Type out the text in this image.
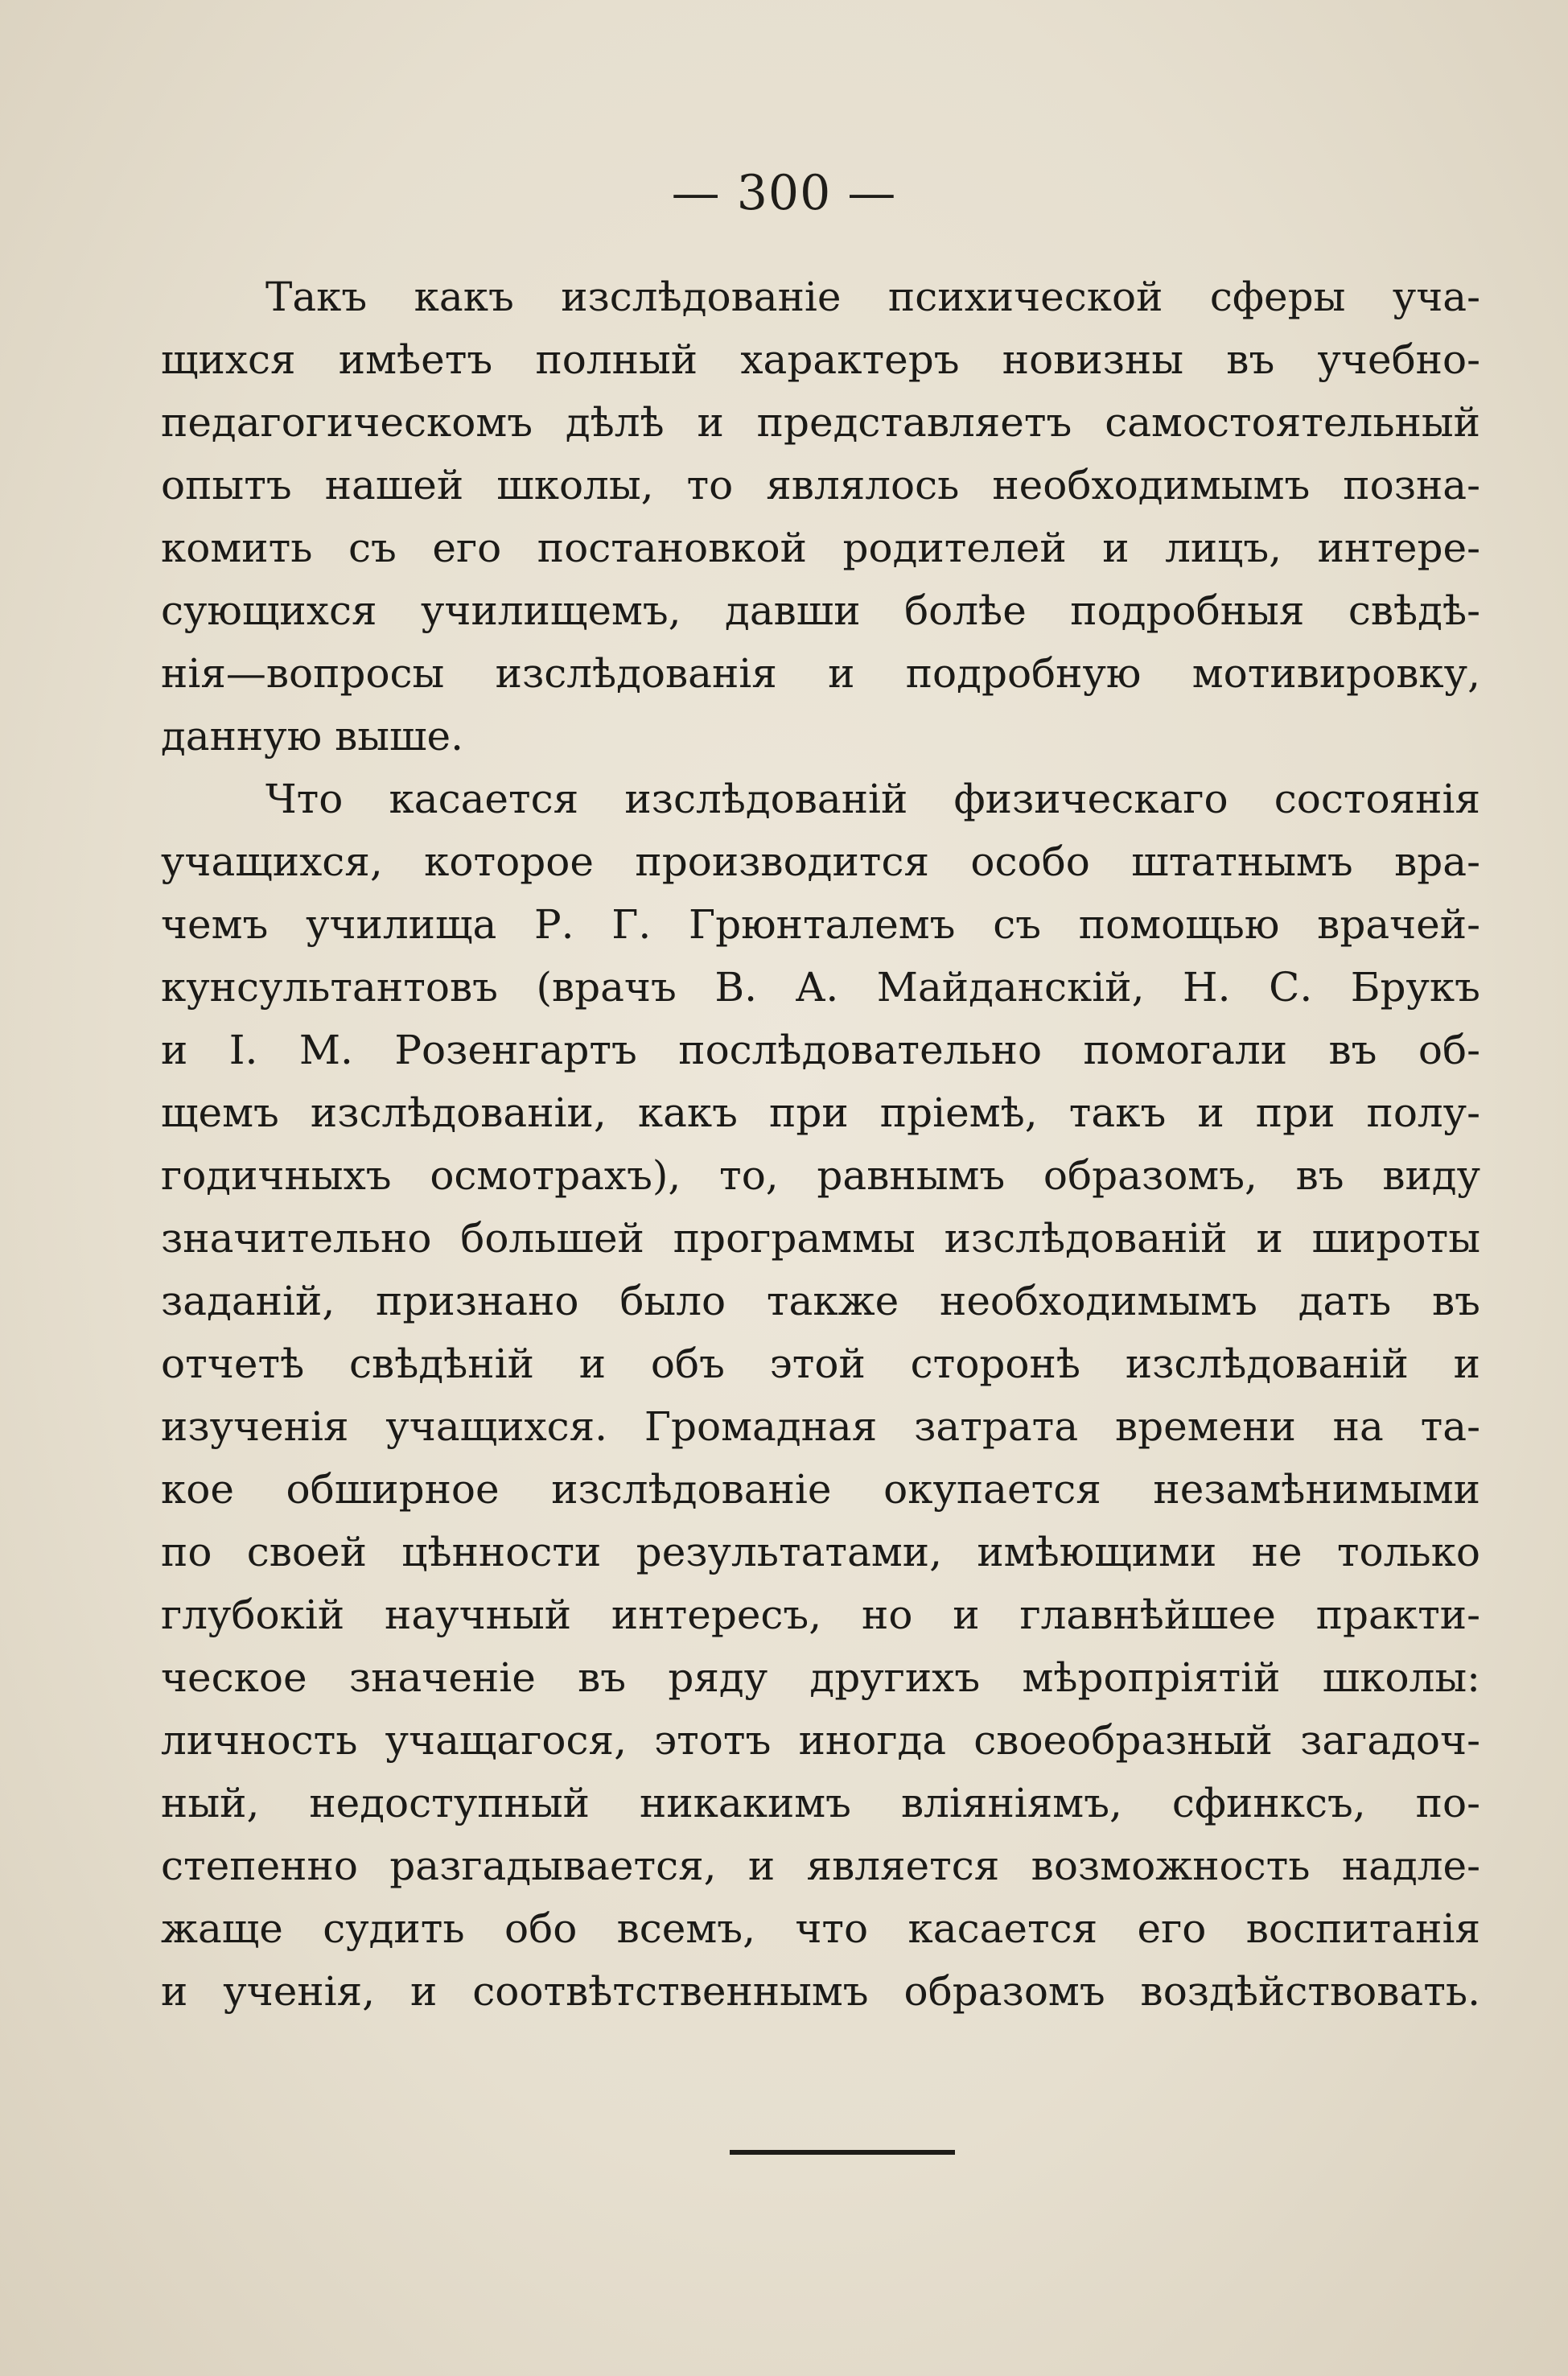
— 300 —
Такъ какъ изслѣдованіе психической сферы уча-
щихся имѣетъ полный характеръ новизны въ учебно-
педагогическомъ дѣлѣ и представляетъ самостоятельный
опытъ нашей школы, то являлось необходимымъ позна-
комить съ его постановкой родителей и лицъ, интере-
сующихся училищемъ, давши болѣе подробныя свѣдѣ-
нія—вопросы изслѣдованія и подробную мотивировку,
данную выше.
Что касается изслѣдованій физическаго состоянія
учащихся, которое производится особо штатнымъ вра-
чемъ училища Р. Г. Грюнталемъ съ помощью врачей-
кунсультантовъ (врачъ В. А. Майданскій, Н. С. Брукъ
и І. М. Розенгартъ послѣдовательно помогали въ об-
щемъ изслѣдованіи, какъ при пріемѣ, такъ и при полу-
годичныхъ осмотрахъ), то, равнымъ образомъ, въ виду
значительно большей программы изслѣдованій и широты
заданій, признано было также необходимымъ дать въ
отчетѣ свѣдѣній и объ этой сторонѣ изслѣдованій и
изученія учащихся. Громадная затрата времени на та-
кое обширное изслѣдованіе окупается незамѣнимыми
по своей цѣнности результатами, имѣющими не только
глубокій научный интересъ, но и главнѣйшее практи-
ческое значеніе въ ряду другихъ мѣропріятій школы:
личность учащагося, этотъ иногда своеобразный загадоч-
ный, недоступный никакимъ вліяніямъ, сфинксъ, по-
степенно разгадывается, и является возможность надле-
жаще судить обо всемъ, что касается его воспитанія
и ученія, и соотвѣтственнымъ образомъ воздѣйствовать.
